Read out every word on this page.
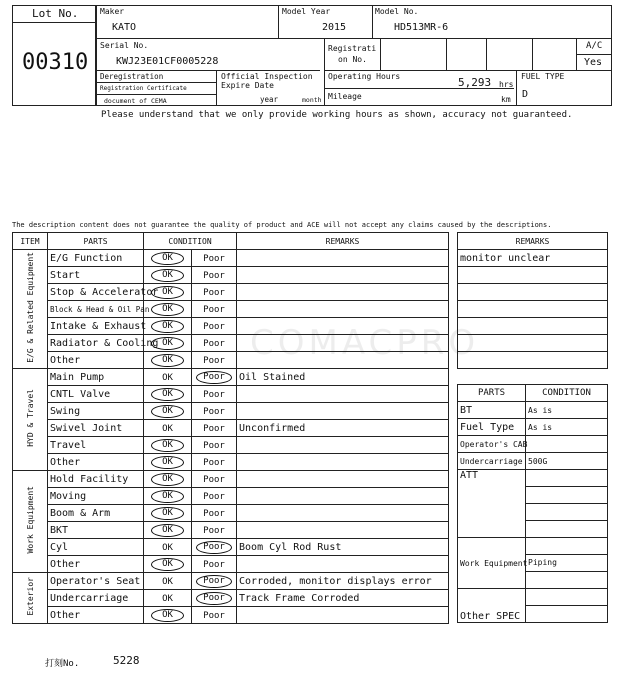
Lot No.
00310
Maker
KATO
Model Year
2015
Model No.
HD513MR-6
Serial No.
KWJ23E01CF0005228
Registrati
on No.
A/C
Yes
Deregistration
Registration Certificate
document of CEMA
Official Inspection
Expire Date
year	month
Operating Hours	5,293 hrs
Mileage	km
FUEL TYPE
D
Please understand that we only provide working hours as shown, accuracy not guaranteed.
COMACPRO
The description content does not guarantee the quality of product and ACE will not accept any claims caused by the descriptions.
ITEM	PARTS	CONDITION		REMARKS
E/G & Related Equipment	E/G Function	OK	Poor	
	Start	OK	Poor	
	Stop & Accelerator	OK	Poor	
	Block & Head & Oil Pan	OK	Poor	
	Intake & Exhaust	OK	Poor	
	Radiator & Cooling	OK	Poor	
	Other	OK	Poor	
HYD & Travel	Main Pump	OK	Poor	Oil Stained
	CNTL Valve	OK	Poor	
	Swing	OK	Poor	
	Swivel Joint	OK	Poor	Unconfirmed
	Travel	OK	Poor	
	Other	OK	Poor	
Work Equipment	Hold Facility	OK	Poor	
	Moving	OK	Poor	
	Boom & Arm	OK	Poor	
	BKT	OK	Poor	
	Cyl	OK	Poor	Boom Cyl Rod Rust
	Other	OK	Poor	
Exterior	Operator's Seat	OK	Poor	Corroded, monitor displays error
	Undercarriage	OK	Poor	Track Frame Corroded
	Other	OK	Poor	
REMARKS
monitor unclear

PARTS	CONDITION
BT	As is
Fuel Type	As is
Operator's CAB	
Undercarriage	500G
ATT	

Work Equipment	Piping

Other SPEC	
打刻No.	5228
